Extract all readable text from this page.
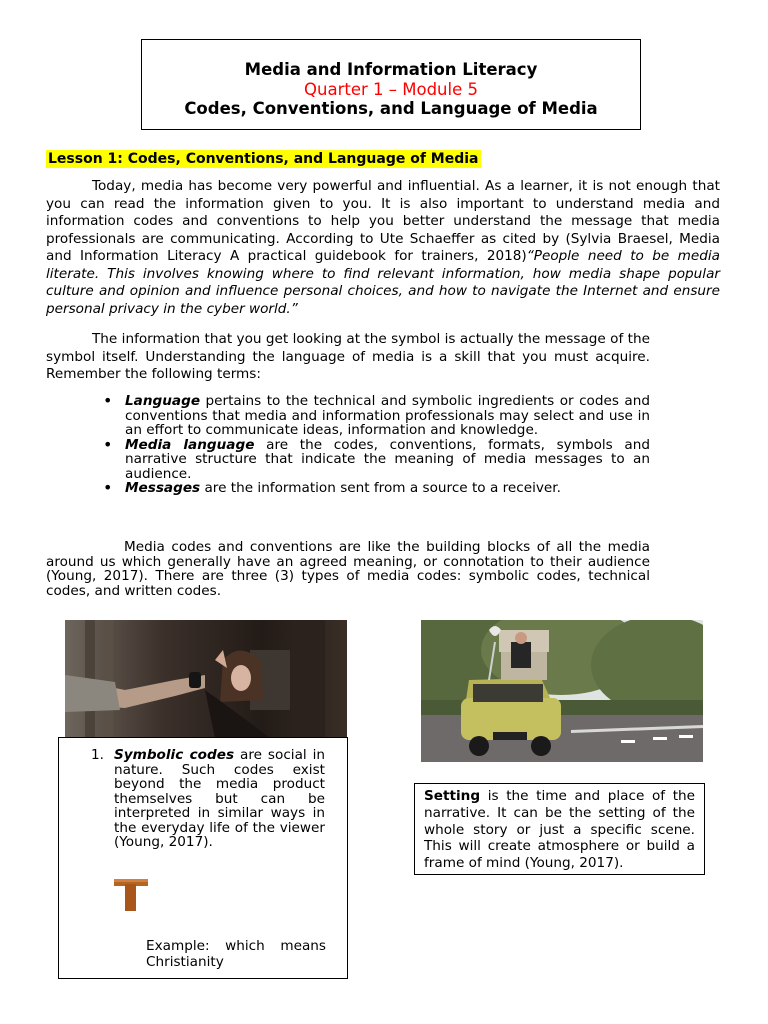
Media and Information Literacy
Quarter 1 – Module 5
Codes, Conventions, and Language of Media
Lesson 1: Codes, Conventions, and Language of Media
Today, media has become very powerful and influential. As a learner, it is not enough that you can read the information given to you. It is also important to understand media and information codes and conventions to help you better understand the message that media professionals are communicating. According to Ute Schaeffer as cited by (Sylvia Braesel, Media and Information Literacy A practical guidebook for trainers, 2018)“People need to be media literate. This involves knowing where to find relevant information, how media shape popular culture and opinion and influence personal choices, and how to navigate the Internet and ensure personal privacy in the cyber world.”
The information that you get looking at the symbol is actually the message of the symbol itself. Understanding the language of media is a skill that you must acquire. Remember the following terms:
• Language pertains to the technical and symbolic ingredients or codes and conventions that media and information professionals may select and use in an effort to communicate ideas, information and knowledge.
• Media language are the codes, conventions, formats, symbols and narrative structure that indicate the meaning of media messages to an audience.
• Messages are the information sent from a source to a receiver.
Media codes and conventions are like the building blocks of all the media around us which generally have an agreed meaning, or connotation to their audience (Young, 2017). There are three (3) types of media codes: symbolic codes, technical codes, and written codes.
1. Symbolic codes are social in nature. Such codes exist beyond the media product themselves but can be interpreted in similar ways in the everyday life of the viewer (Young, 2017).
Example: which means Christianity
Setting is the time and place of the narrative. It can be the setting of the whole story or just a specific scene. This will create atmosphere or build a frame of mind (Young, 2017).
